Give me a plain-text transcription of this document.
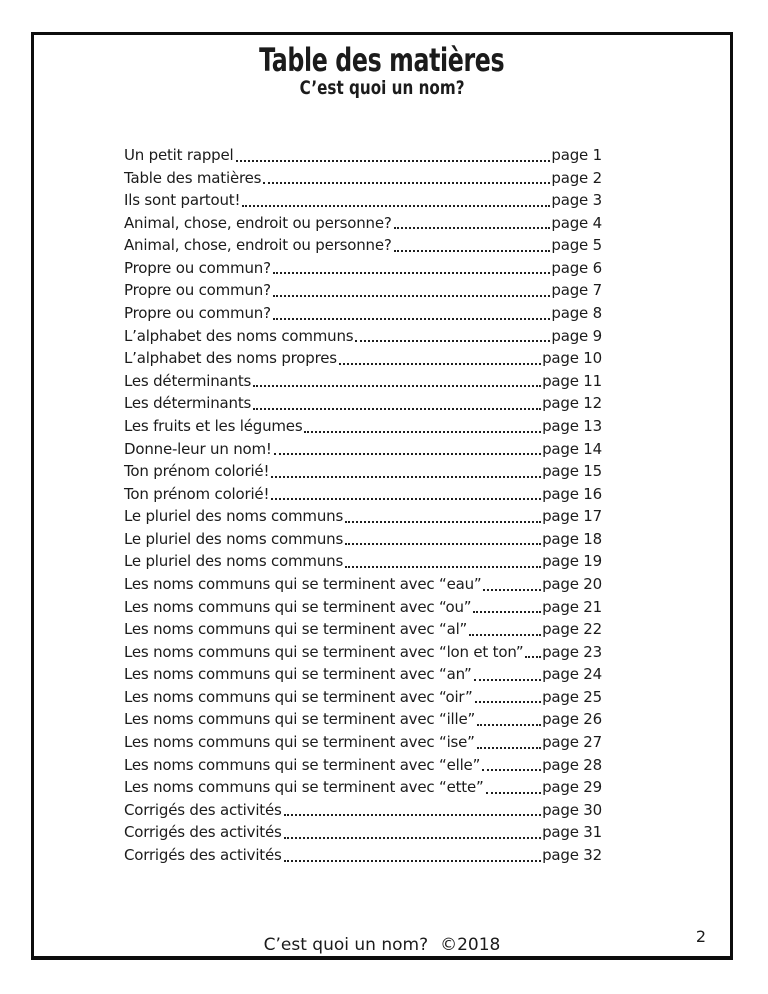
Table des matières
C’est quoi un nom?
Un petit rappel	page 1
Table des matières	page 2
Ils sont partout!	page 3
Animal, chose, endroit ou personne?	page 4
Animal, chose, endroit ou personne?	page 5
Propre ou commun?	page 6
Propre ou commun?	page 7
Propre ou commun?	page 8
L’alphabet des noms communs	page 9
L’alphabet des noms propres	page 10
Les déterminants	page 11
Les déterminants	page 12
Les fruits et les légumes	page 13
Donne-leur un nom!	page 14
Ton prénom colorié!	page 15
Ton prénom colorié!	page 16
Le pluriel des noms communs	page 17
Le pluriel des noms communs	page 18
Le pluriel des noms communs	page 19
Les noms communs qui se terminent avec “eau”	page 20
Les noms communs qui se terminent avec “ou”	page 21
Les noms communs qui se terminent avec “al”	page 22
Les noms communs qui se terminent avec “lon et ton” page 23
Les noms communs qui se terminent avec “an”	page 24
Les noms communs qui se terminent avec “oir”	page 25
Les noms communs qui se terminent avec “ille”	page 26
Les noms communs qui se terminent avec “ise”	page 27
Les noms communs qui se terminent avec “elle”	page 28
Les noms communs qui se terminent avec “ette”	page 29
Corrigés des activités	page 30
Corrigés des activités	page 31
Corrigés des activités	page 32
C’est quoi un nom? ©2018	2
